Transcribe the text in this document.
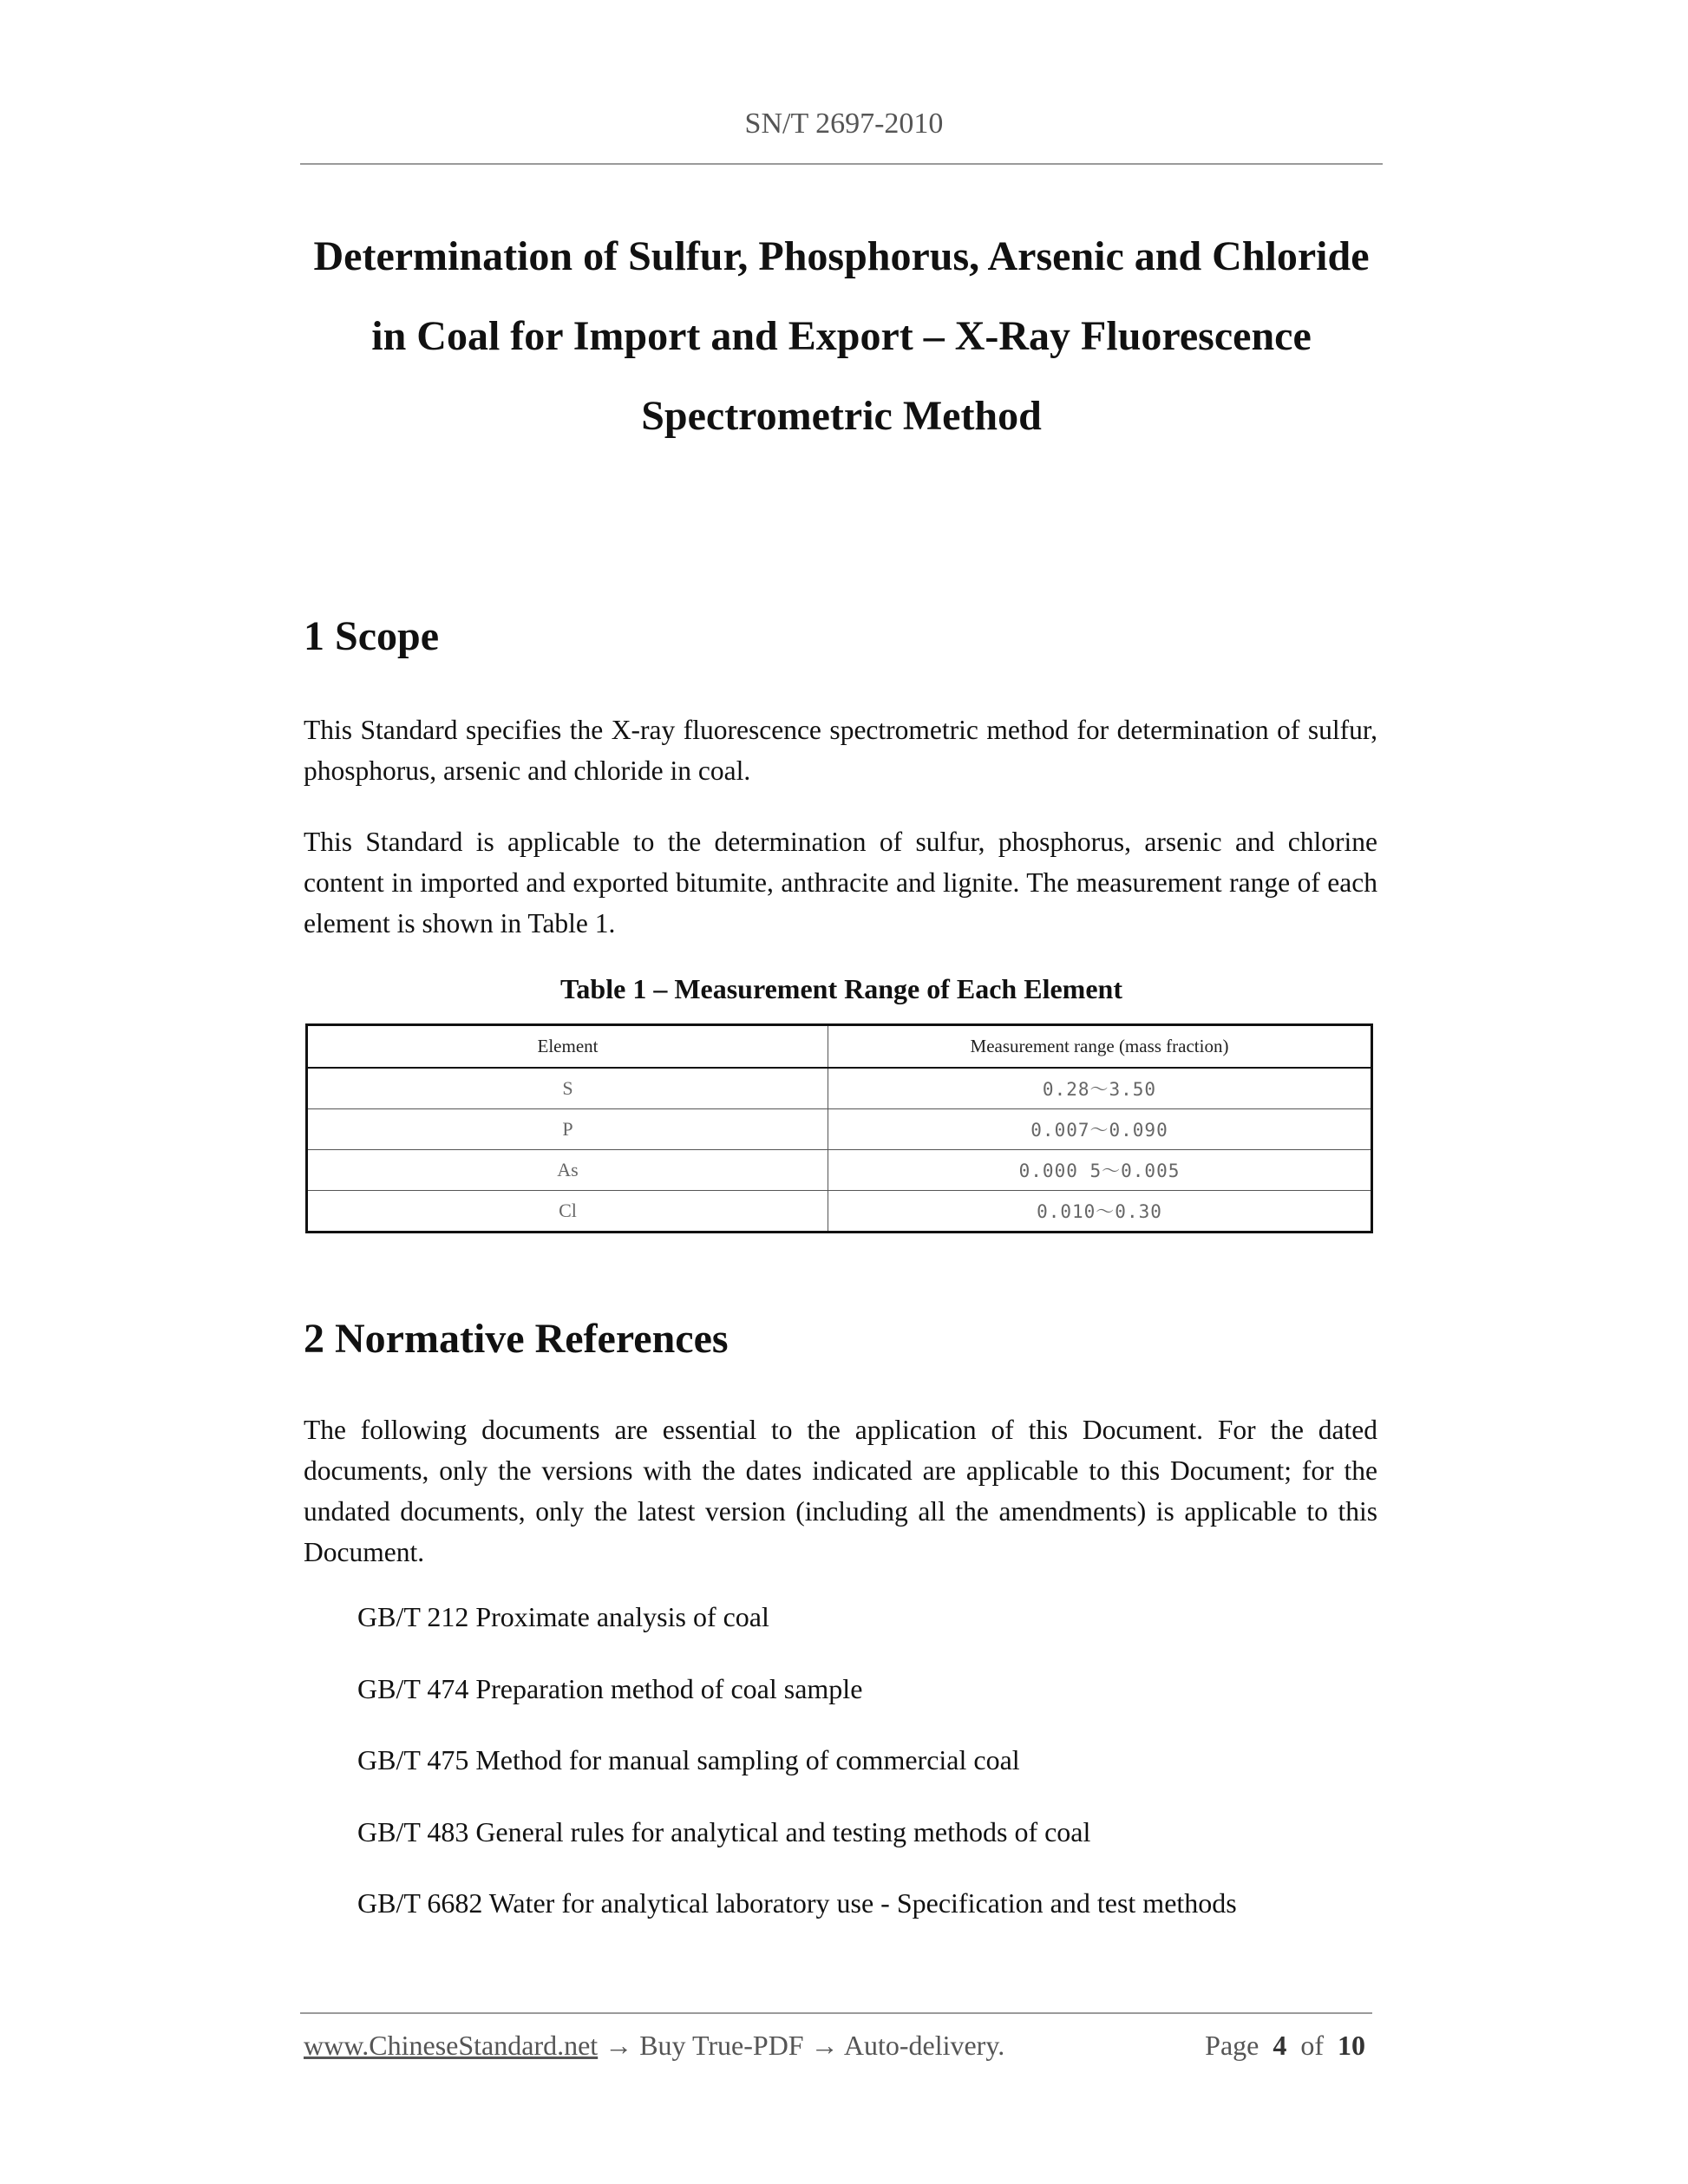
SN/T 2697-2010
Determination of Sulfur, Phosphorus, Arsenic and Chloride
in Coal for Import and Export – X-Ray Fluorescence
Spectrometric Method
1 Scope

This Standard specifies the X-ray fluorescence spectrometric method for determination of sulfur, phosphorus, arsenic and chloride in coal.

This Standard is applicable to the determination of sulfur, phosphorus, arsenic and chlorine content in imported and exported bitumite, anthracite and lignite. The measurement range of each element is shown in Table 1.

Table 1 – Measurement Range of Each Element

Element	Measurement range (mass fraction)
S	0.28～3.50
P	0.007～0.090
As	0.000 5～0.005
Cl	0.010～0.30
2 Normative References

The following documents are essential to the application of this Document. For the dated documents, only the versions with the dates indicated are applicable to this Document; for the undated documents, only the latest version (including all the amendments) is applicable to this Document.

GB/T 212 Proximate analysis of coal
GB/T 474 Preparation method of coal sample
GB/T 475 Method for manual sampling of commercial coal
GB/T 483 General rules for analytical and testing methods of coal
GB/T 6682 Water for analytical laboratory use - Specification and test methods
www.ChineseStandard.net → Buy True-PDF → Auto-delivery.	Page 4 of 10
